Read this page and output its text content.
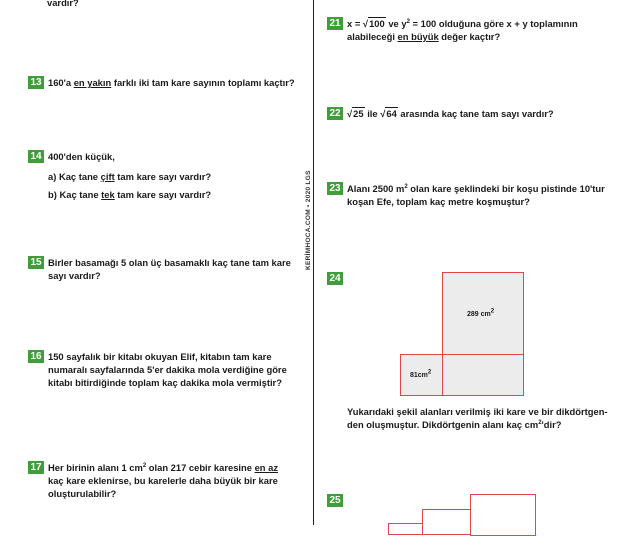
vardır?
13 160'a en yakın farklı iki tam kare sayının toplamı kaçtır?
14 400'den küçük,
a) Kaç tane çift tam kare sayı vardır?
b) Kaç tane tek tam kare sayı vardır?
15 Birler basamağı 5 olan üç basamaklı kaç tane tam kare
sayı vardır?
16 150 sayfalık bir kitabı okuyan Elif, kitabın tam kare
numaralı sayfalarında 5'er dakika mola verdiğine göre
kitabı bitirdiğinde toplam kaç dakika mola vermiştir?
17 Her birinin alanı 1 $cm^2$ olan 217 cebir karesine en az
kaç kare eklenirse, bu karelerle daha büyük bir kare
oluşturulabilir?
KERİMHOCA.COM • 2020 LGS
21 x = √100 ve $y^2 = 100$ olduğuna göre x + y toplamının
alabileceği en büyük değer kaçtır?
22 √25 ile √64 arasında kaç tane tam sayı vardır?
23 Alanı 2500 $m^2$ olan kare şeklindeki bir koşu pistinde 10'tur
koşan Efe, toplam kaç metre koşmuştur?
24
289 $cm^2$
$81cm^2$
Yukarıdaki şekil alanları verilmiş iki kare ve bir dikdörtgen-
den oluşmuştur. Dikdörtgenin alanı kaç $cm^2'dir$?
25
